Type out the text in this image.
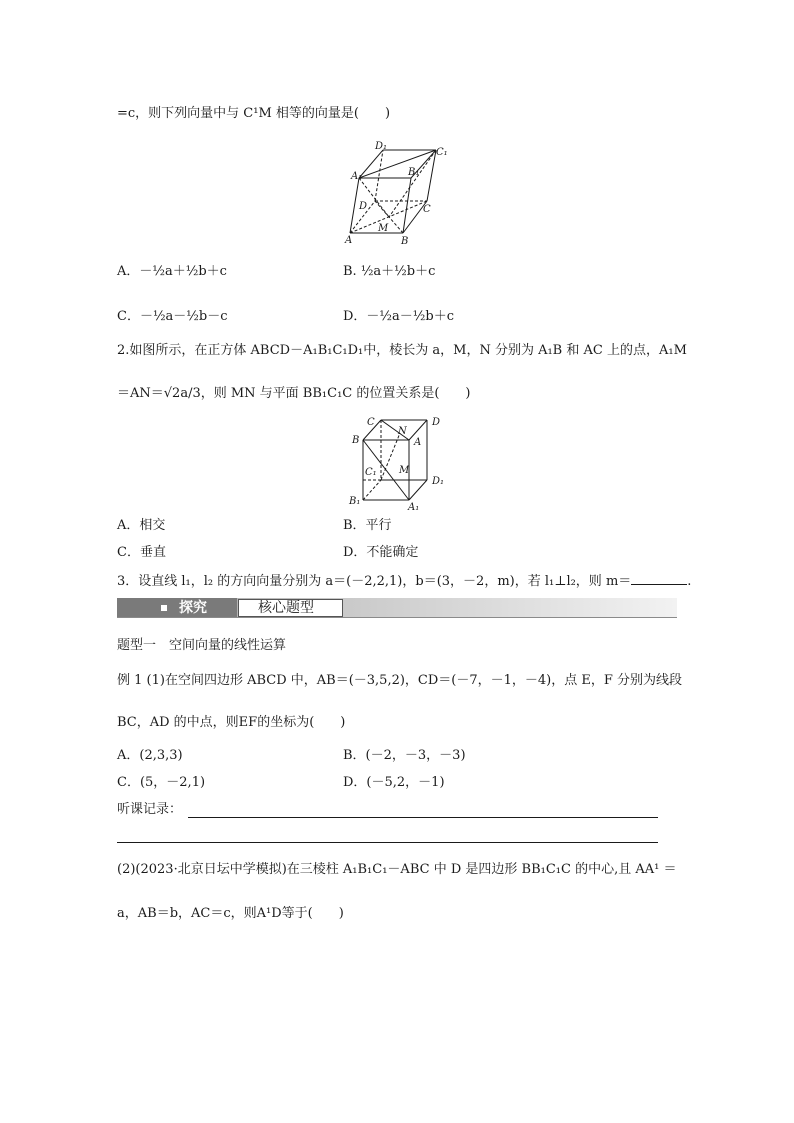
=c，则下列向量中与 C¹M 相等的向量是(　　)
D₁
C₁
A₁	B₁
D	C
A
M
B
A．－½a＋½b＋c	B. ½a＋½b＋c
C．－½a－½b－c	D．－½a－½b＋c
2.如图所示，在正方体 ABCD－A₁B₁C₁D₁中，棱长为 a，M，N 分别为 A₁B 和 AC 上的点，A₁M
＝AN＝√2a/3，则 MN 与平面 BB₁C₁C 的位置关系是(　　)
C	D
B
N
A
C₁ M
D₁
B₁
A₁
A．相交	B．平行
C．垂直	D．不能确定
3．设直线 l₁，l₂ 的方向向量分别为 a＝(－2,2,1)，b＝(3，－2，m)，若 l₁⊥l₂，则 m＝	.
探究	核心题型
题型一　空间向量的线性运算
例 1 (1)在空间四边形 ABCD 中，AB＝(－3,5,2)，CD＝(－7，－1，－4)，点 E，F 分别为线段
BC，AD 的中点，则EF的坐标为(　　)
A．(2,3,3)	B．(－2，－3，－3)
C．(5，－2,1)	D．(－5,2，－1)
听课记录：
(2)(2023·北京日坛中学模拟)在三棱柱 A₁B₁C₁－ABC 中 D 是四边形 BB₁C₁C 的中心,且 AA¹ ＝
a，AB＝b，AC＝c，则A¹D等于(　　)
